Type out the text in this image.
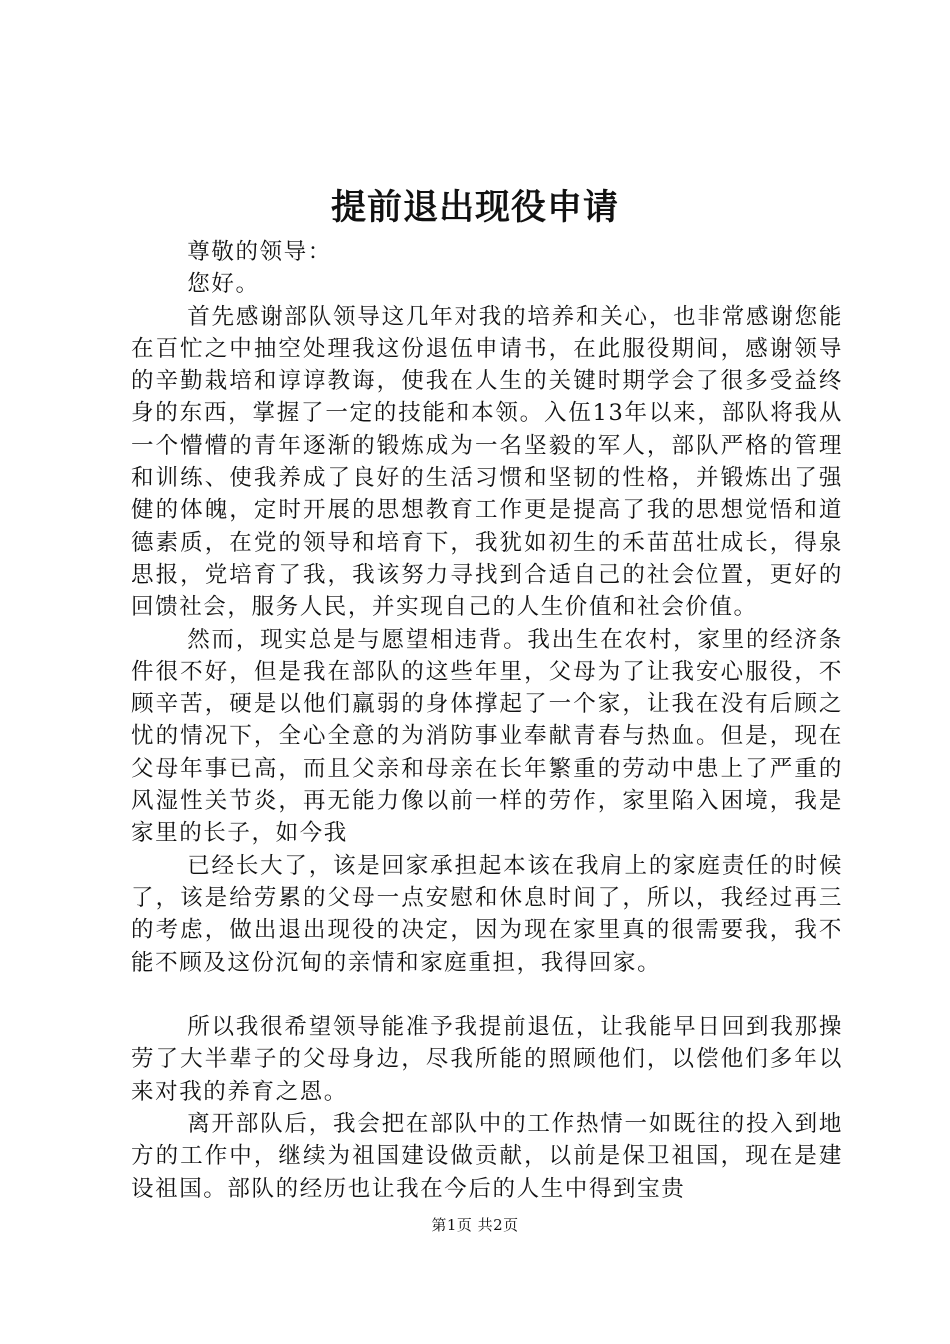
提前退出现役申请

尊敬的领导：

您好。

首先感谢部队领导这几年对我的培养和关心，也非常感谢您能在百忙之中抽空处理我这份退伍申请书，在此服役期间，感谢领导的辛勤栽培和谆谆教诲，使我在人生的关键时期学会了很多受益终身的东西，掌握了一定的技能和本领。入伍13年以来，部队将我从一个懵懵的青年逐渐的锻炼成为一名坚毅的军人，部队严格的管理和训练、使我养成了良好的生活习惯和坚韧的性格，并锻炼出了强健的体魄，定时开展的思想教育工作更是提高了我的思想觉悟和道德素质，在党的领导和培育下，我犹如初生的禾苗茁壮成长，得泉思报，党培育了我，我该努力寻找到合适自己的社会位置，更好的回馈社会，服务人民，并实现自己的人生价值和社会价值。

然而，现实总是与愿望相违背。我出生在农村，家里的经济条件很不好，但是我在部队的这些年里，父母为了让我安心服役，不顾辛苦，硬是以他们羸弱的身体撑起了一个家，让我在没有后顾之忧的情况下，全心全意的为消防事业奉献青春与热血。但是，现在父母年事已高，而且父亲和母亲在长年繁重的劳动中患上了严重的风湿性关节炎，再无能力像以前一样的劳作，家里陷入困境，我是家里的长子，如今我

已经长大了，该是回家承担起本该在我肩上的家庭责任的时候了，该是给劳累的父母一点安慰和休息时间了，所以，我经过再三的考虑，做出退出现役的决定，因为现在家里真的很需要我，我不能不顾及这份沉甸的亲情和家庭重担，我得回家。

所以我很希望领导能准予我提前退伍，让我能早日回到我那操劳了大半辈子的父母身边，尽我所能的照顾他们，以偿他们多年以来对我的养育之恩。

离开部队后，我会把在部队中的工作热情一如既往的投入到地方的工作中，继续为祖国建设做贡献，以前是保卫祖国，现在是建设祖国。部队的经历也让我在今后的人生中得到宝贵

第1页 共2页
